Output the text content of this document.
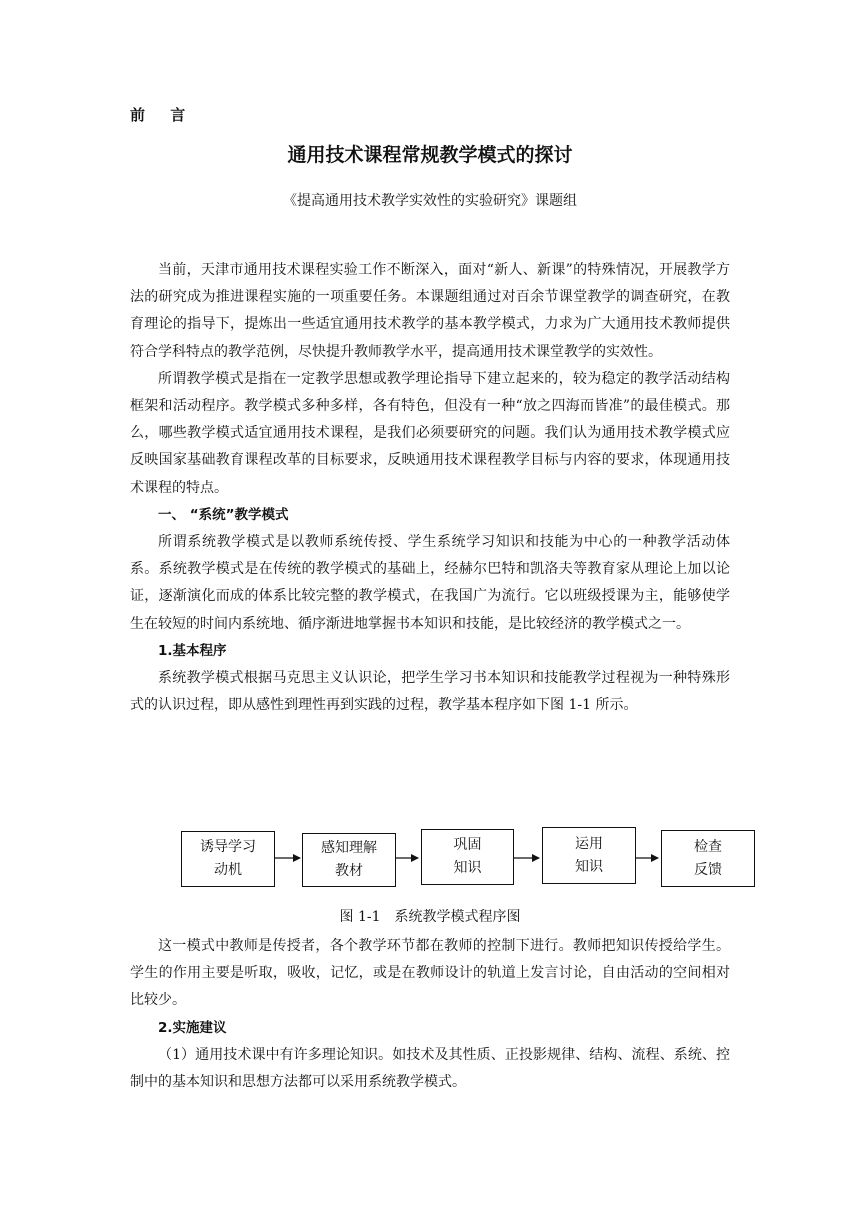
前 言
通用技术课程常规教学模式的探讨
《提高通用技术教学实效性的实验研究》课题组

当前，天津市通用技术课程实验工作不断深入，面对“新人、新课”的特殊情况，开展教学方法的研究成为推进课程实施的一项重要任务。本课题组通过对百余节课堂教学的调查研究，在教育理论的指导下，提炼出一些适宜通用技术教学的基本教学模式，力求为广大通用技术教师提供符合学科特点的教学范例，尽快提升教师教学水平，提高通用技术课堂教学的实效性。

所谓教学模式是指在一定教学思想或教学理论指导下建立起来的，较为稳定的教学活动结构框架和活动程序。教学模式多种多样，各有特色，但没有一种“放之四海而皆准”的最佳模式。那么，哪些教学模式适宜通用技术课程，是我们必须要研究的问题。我们认为通用技术教学模式应反映国家基础教育课程改革的目标要求，反映通用技术课程教学目标与内容的要求，体现通用技术课程的特点。

一、 “系统”教学模式

所谓系统教学模式是以教师系统传授、学生系统学习知识和技能为中心的一种教学活动体系。系统教学模式是在传统的教学模式的基础上，经赫尔巴特和凯洛夫等教育家从理论上加以论证，逐渐演化而成的体系比较完整的教学模式，在我国广为流行。它以班级授课为主，能够使学生在较短的时间内系统地、循序渐进地掌握书本知识和技能，是比较经济的教学模式之一。

1.基本程序

系统教学模式根据马克思主义认识论，把学生学习书本知识和技能教学过程视为一种特殊形式的认识过程，即从感性到理性再到实践的过程，教学基本程序如下图 1-1 所示。

诱导学习
动机
感知理解
教材
巩固
知识
运用
知识
检查
反馈
图 1-1　系统教学模式程序图

这一模式中教师是传授者，各个教学环节都在教师的控制下进行。教师把知识传授给学生。学生的作用主要是听取，吸收，记忆，或是在教师设计的轨道上发言讨论，自由活动的空间相对比较少。

2.实施建议

（1）通用技术课中有许多理论知识。如技术及其性质、正投影规律、结构、流程、系统、控制中的基本知识和思想方法都可以采用系统教学模式。
